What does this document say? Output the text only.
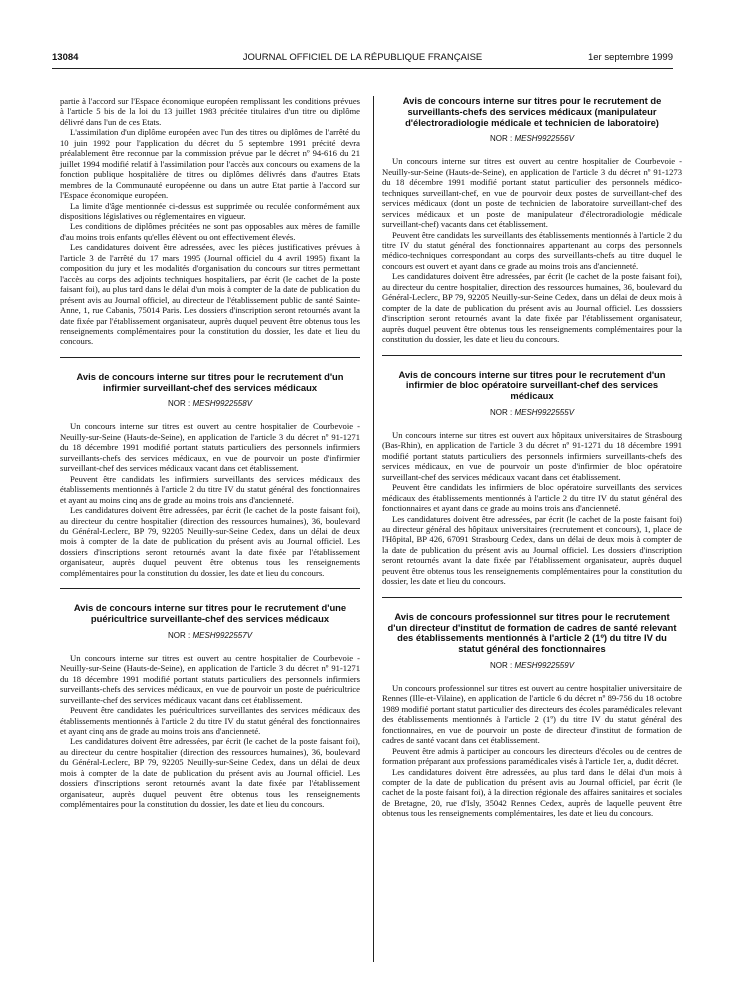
13084	JOURNAL OFFICIEL DE LA RÉPUBLIQUE FRANÇAISE	1er septembre 1999

partie à l'accord sur l'Espace économique européen remplissant les conditions prévues à l'article 5 bis de la loi du 13 juillet 1983 précitée titulaires d'un titre ou diplôme délivré dans l'un de ces Etats.

L'assimilation d'un diplôme européen avec l'un des titres ou diplômes de l'arrêté du 10 juin 1992 pour l'application du décret du 5 septembre 1991 précité devra préalablement être reconnue par la commission prévue par le décret nº 94-616 du 21 juillet 1994 modifié relatif à l'assimilation pour l'accès aux concours ou examens de la fonction publique hospitalière de titres ou diplômes délivrés dans d'autres Etats membres de la Communauté européenne ou dans un autre Etat partie à l'accord sur l'Espace économique européen.

La limite d'âge mentionnée ci-dessus est supprimée ou reculée conformément aux dispositions législatives ou réglementaires en vigueur.

Les conditions de diplômes précitées ne sont pas opposables aux mères de famille d'au moins trois enfants qu'elles élèvent ou ont effectivement élevés.

Les candidatures doivent être adressées, avec les pièces justificatives prévues à l'article 3 de l'arrêté du 17 mars 1995 (Journal officiel du 4 avril 1995) fixant la composition du jury et les modalités d'organisation du concours sur titres permettant l'accès au corps des adjoints techniques hospitaliers, par écrit (le cachet de la poste faisant foi), au plus tard dans le délai d'un mois à compter de la date de publication du présent avis au Journal officiel, au directeur de l'établissement public de santé Sainte-Anne, 1, rue Cabanis, 75014 Paris. Les dossiers d'inscription seront retournés avant la date fixée par l'établissement organisateur, auprès duquel peuvent être obtenus tous les renseignements complémentaires pour la constitution du dossier, les date et lieu du concours.

Avis de concours interne sur titres pour le recrutement d'un infirmier surveillant-chef des services médicaux
NOR : MESH9922558V

Un concours interne sur titres est ouvert au centre hospitalier de Courbevoie - Neuilly-sur-Seine (Hauts-de-Seine), en application de l'article 3 du décret nº 91-1271 du 18 décembre 1991 modifié portant statuts particuliers des personnels infirmiers surveillants-chefs des services médicaux, en vue de pourvoir un poste d'infirmier surveillant-chef des services médicaux vacant dans cet établissement.

Peuvent être candidats les infirmiers surveillants des services médicaux des établissements mentionnés à l'article 2 du titre IV du statut général des fonctionnaires et ayant au moins cinq ans de grade au moins trois ans d'ancienneté.

Les candidatures doivent être adressées, par écrit (le cachet de la poste faisant foi), au directeur du centre hospitalier (direction des ressources humaines), 36, boulevard du Général-Leclerc, BP 79, 92205 Neuilly-sur-Seine Cedex, dans un délai de deux mois à compter de la date de publication du présent avis au Journal officiel. Les dossiers d'inscriptions seront retournés avant la date fixée par l'établissement organisateur, auprès duquel peuvent être obtenus tous les renseignements complémentaires pour la constitution du dossier, les date et lieu du concours.

Avis de concours interne sur titres pour le recrutement d'une puéricultrice surveillante-chef des services médicaux
NOR : MESH9922557V

Un concours interne sur titres est ouvert au centre hospitalier de Courbevoie - Neuilly-sur-Seine (Hauts-de-Seine), en application de l'article 3 du décret nº 91-1271 du 18 décembre 1991 modifié portant statuts particuliers des personnels infirmiers surveillants-chefs des services médicaux, en vue de pourvoir un poste de puéricultrice surveillante-chef des services médicaux vacant dans cet établissement.

Peuvent être candidates les puéricultrices surveillantes des services médicaux des établissements mentionnés à l'article 2 du titre IV du statut général des fonctionnaires et ayant cinq ans de grade au moins trois ans d'ancienneté.

Les candidatures doivent être adressées, par écrit (le cachet de la poste faisant foi), au directeur du centre hospitalier (direction des ressources humaines), 36, boulevard du Général-Leclerc, BP 79, 92205 Neuilly-sur-Seine Cedex, dans un délai de deux mois à compter de la date de publication du présent avis au Journal officiel. Les dossiers d'inscriptions seront retournés avant la date fixée par l'établissement organisateur, auprès duquel peuvent être obtenus tous les renseignements complémentaires pour la constitution du dossier, les date et lieu du concours.

Avis de concours interne sur titres pour le recrutement de surveillants-chefs des services médicaux (manipulateur d'électroradiologie médicale et technicien de laboratoire)
NOR : MESH9922556V

Un concours interne sur titres est ouvert au centre hospitalier de Courbevoie - Neuilly-sur-Seine (Hauts-de-Seine), en application de l'article 3 du décret nº 91-1273 du 18 décembre 1991 modifié portant statut particulier des personnels médico-techniques surveillant-chef, en vue de pourvoir deux postes de surveillant-chef des services médicaux (dont un poste de technicien de laboratoire surveillant-chef des services médicaux et un poste de manipulateur d'électroradiologie médicale surveillant-chef) vacants dans cet établissement.

Peuvent être candidats les surveillants des établissements mentionnés à l'article 2 du titre IV du statut général des fonctionnaires appartenant au corps des personnels médico-techniques correspondant au corps des surveillants-chefs au titre duquel le concours est ouvert et ayant dans ce grade au moins trois ans d'ancienneté.

Les candidatures doivent être adressées, par écrit (le cachet de la poste faisant foi), au directeur du centre hospitalier, direction des ressources humaines, 36, boulevard du Général-Leclerc, BP 79, 92205 Neuilly-sur-Seine Cedex, dans un délai de deux mois à compter de la date de publication du présent avis au Journal officiel. Les dosssiers d'inscription seront retournés avant la date fixée par l'établissement organisateur, auprès duquel peuvent être obtenus tous les renseignements complémentaires pour la constitution du dossier, les date et lieu du concours.

Avis de concours interne sur titres pour le recrutement d'un infirmier de bloc opératoire surveillant-chef des services médicaux
NOR : MESH9922555V

Un concours interne sur titres est ouvert aux hôpitaux universitaires de Strasbourg (Bas-Rhin), en application de l'article 3 du décret nº 91-1271 du 18 décembre 1991 modifié portant statuts particuliers des personnels infirmiers surveillants-chefs des services médicaux, en vue de pourvoir un poste d'infirmier de bloc opératoire surveillant-chef des services médicaux vacant dans cet établissement.

Peuvent être candidats les infirmiers de bloc opératoire surveillants des services médicaux des établissements mentionnés à l'article 2 du titre IV du statut général des fonctionnaires et ayant dans ce grade au moins trois ans d'ancienneté.

Les candidatures doivent être adressées, par écrit (le cachet de la poste faisant foi) au directeur général des hôpitaux universitaires (recrutement et concours), 1, place de l'Hôpital, BP 426, 67091 Strasbourg Cedex, dans un délai de deux mois à compter de la date de publication du présent avis au Journal officiel. Les dossiers d'inscription seront retournés avant la date fixée par l'établissement organisateur, auprès duquel peuvent être obtenus tous les renseignements complémentaires pour la constitution du dossier, les date et lieu du concours.

Avis de concours professionnel sur titres pour le recrutement d'un directeur d'institut de formation de cadres de santé relevant des établissements mentionnés à l'article 2 (1º) du titre IV du statut général des fonctionnaires
NOR : MESH9922559V

Un concours professionnel sur titres est ouvert au centre hospitalier universitaire de Rennes (Ille-et-Vilaine), en application de l'article 6 du décret nº 89-756 du 18 octobre 1989 modifié portant statut particulier des directeurs des écoles paramédicales relevant des établissements mentionnés à l'article 2 (1º) du titre IV du statut général des fonctionnaires, en vue de pourvoir un poste de directeur d'institut de formation de cadres de santé vacant dans cet établissement.

Peuvent être admis à participer au concours les directeurs d'écoles ou de centres de formation préparant aux professions paramédicales visés à l'article 1er, a, dudit décret.

Les candidatures doivent être adressées, au plus tard dans le délai d'un mois à compter de la date de publication du présent avis au Journal officiel, par écrit (le cachet de la poste faisant foi), à la direction régionale des affaires sanitaires et sociales de Bretagne, 20, rue d'Isly, 35042 Rennes Cedex, auprès de laquelle peuvent être obtenus tous les renseignements complémentaires, les date et lieu du concours.
